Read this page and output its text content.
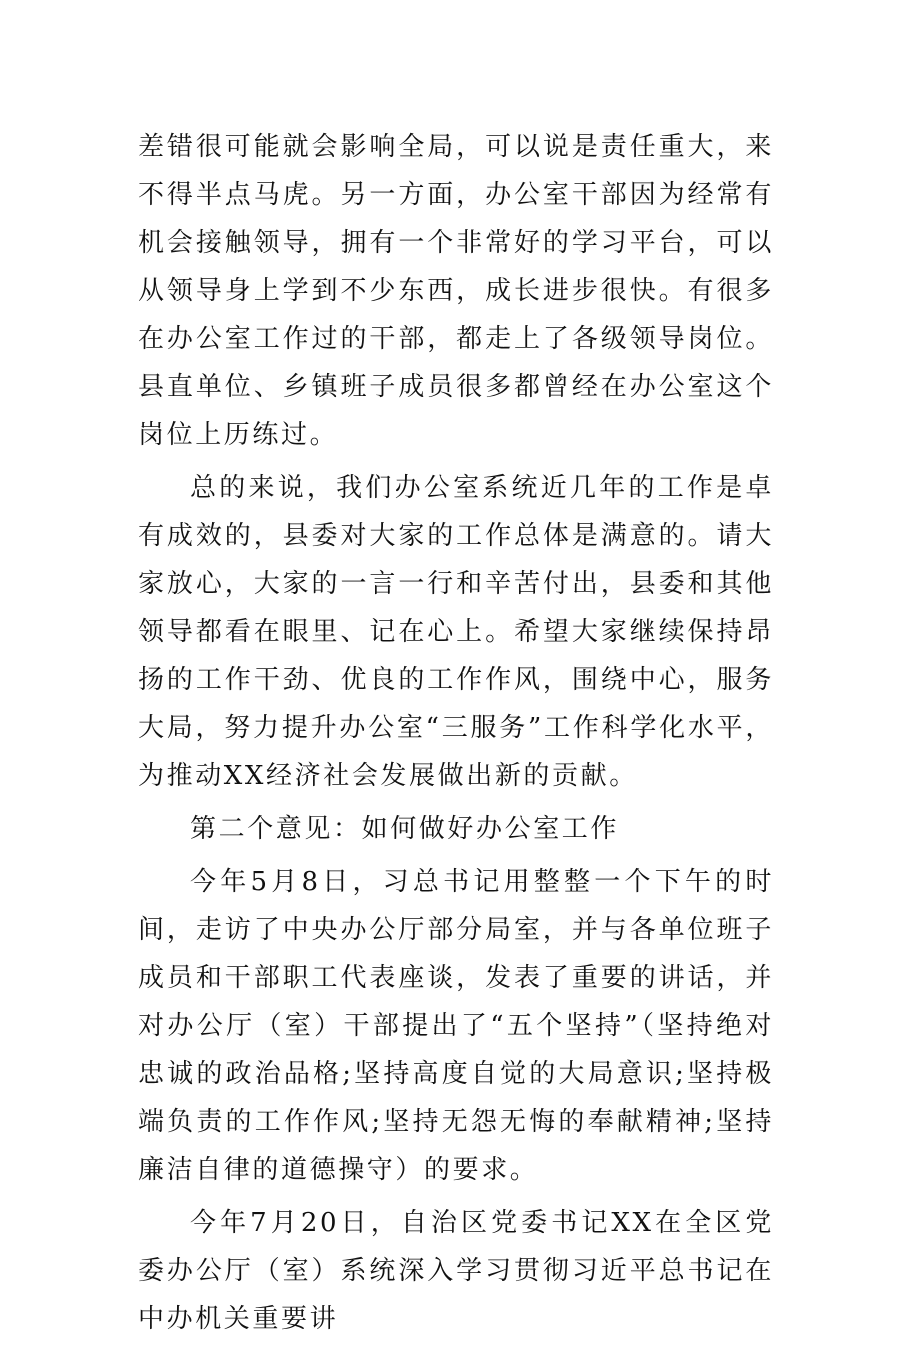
差错很可能就会影响全局，可以说是责任重大，来不得半点马虎。另一方面，办公室干部因为经常有机会接触领导，拥有一个非常好的学习平台，可以从领导身上学到不少东西，成长进步很快。有很多在办公室工作过的干部，都走上了各级领导岗位。县直单位、乡镇班子成员很多都曾经在办公室这个岗位上历练过。

总的来说，我们办公室系统近几年的工作是卓有成效的，县委对大家的工作总体是满意的。请大家放心，大家的一言一行和辛苦付出，县委和其他领导都看在眼里、记在心上。希望大家继续保持昂扬的工作干劲、优良的工作作风，围绕中心，服务大局，努力提升办公室“三服务”工作科学化水平，为推动XX经济社会发展做出新的贡献。

第二个意见：如何做好办公室工作

今年5月8日，习总书记用整整一个下午的时间，走访了中央办公厅部分局室，并与各单位班子成员和干部职工代表座谈，发表了重要的讲话，并对办公厅（室）干部提出了“五个坚持”（坚持绝对忠诚的政治品格;坚持高度自觉的大局意识;坚持极端负责的工作作风;坚持无怨无悔的奉献精神;坚持廉洁自律的道德操守）的要求。

今年7月20日，自治区党委书记XX在全区党委办公厅（室）系统深入学习贯彻习近平总书记在中办机关重要讲
